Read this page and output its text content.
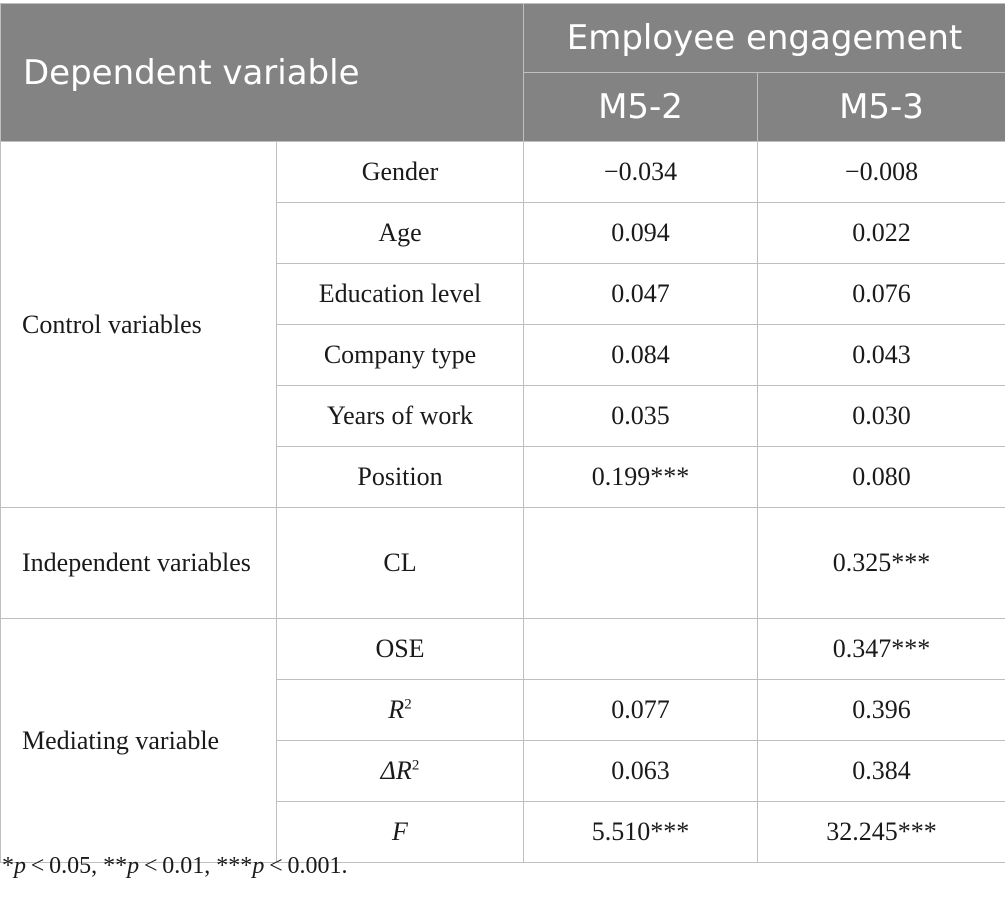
Dependent variable		Employee engagement	
		M5-2	M5-3
Control variables	Gender	−0.034	−0.008
	Age	0.094	0.022
	Education level	0.047	0.076
	Company type	0.084	0.043
	Years of work	0.035	0.030
	Position	0.199***	0.080
Independent variables	CL		0.325***
Mediating variable	OSE		0.347***
	$R^2$	0.077	0.396
	$\Delta R^2$	0.063	0.384
	F	5.510***	32.245***
*p < 0.05, **p < 0.01, ***p < 0.001.
